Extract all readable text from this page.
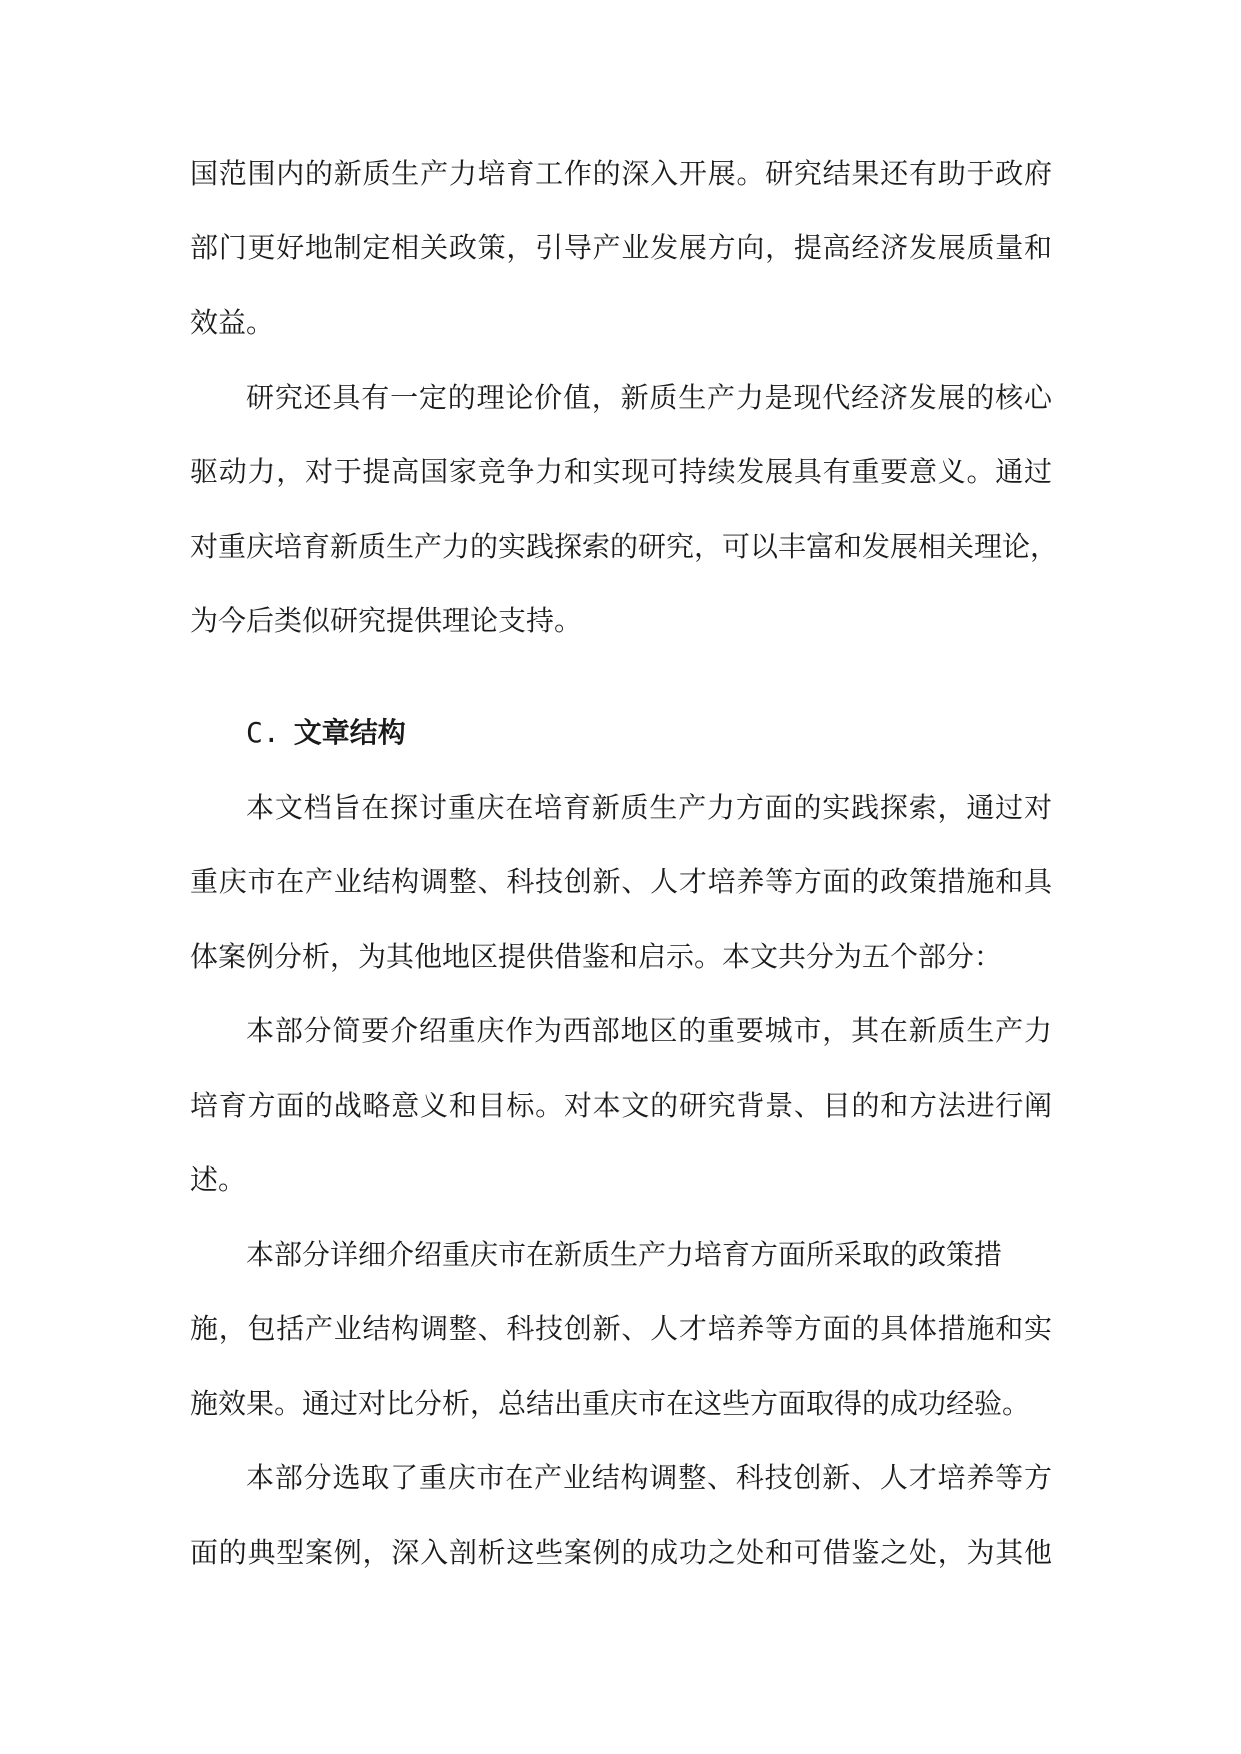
国范围内的新质生产力培育工作的深入开展。研究结果还有助于政府
部门更好地制定相关政策，引导产业发展方向，提高经济发展质量和
效益。
研究还具有一定的理论价值，新质生产力是现代经济发展的核心
驱动力，对于提高国家竞争力和实现可持续发展具有重要意义。通过
对重庆培育新质生产力的实践探索的研究，可以丰富和发展相关理论，
为今后类似研究提供理论支持。
C. 文章结构
本文档旨在探讨重庆在培育新质生产力方面的实践探索，通过对
重庆市在产业结构调整、科技创新、人才培养等方面的政策措施和具
体案例分析，为其他地区提供借鉴和启示。本文共分为五个部分：
本部分简要介绍重庆作为西部地区的重要城市，其在新质生产力
培育方面的战略意义和目标。对本文的研究背景、目的和方法进行阐
述。
本部分详细介绍重庆市在新质生产力培育方面所采取的政策措
施，包括产业结构调整、科技创新、人才培养等方面的具体措施和实
施效果。通过对比分析，总结出重庆市在这些方面取得的成功经验。
本部分选取了重庆市在产业结构调整、科技创新、人才培养等方
面的典型案例，深入剖析这些案例的成功之处和可借鉴之处，为其他
